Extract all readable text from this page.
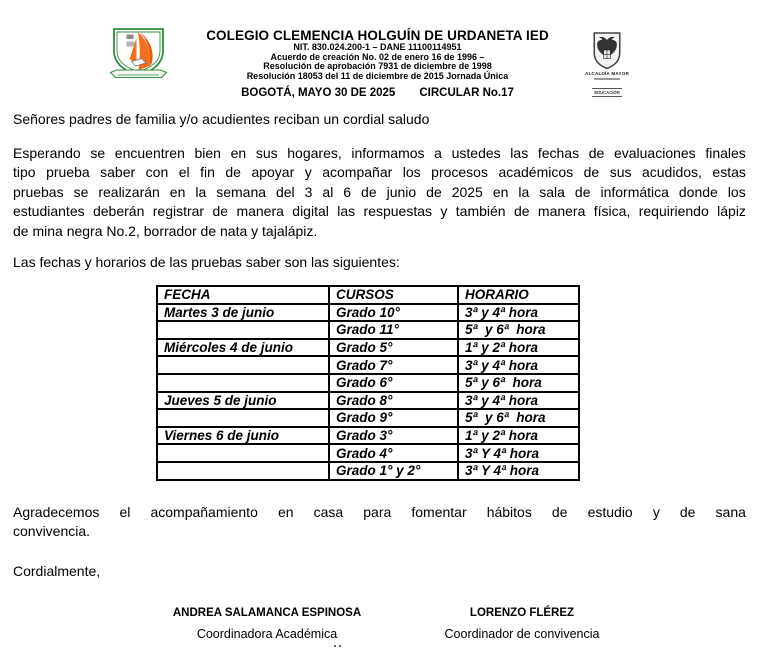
COLEGIO CLEMENCIA HOLGUÍN DE URDANETA IED
NIT. 830.024.200-1 – DANE 11100114951
Acuerdo de creación No. 02 de enero 16 de 1996 –
Resolución de aprobación 7931 de diciembre de 1998
Resolución 18053 del 11 de diciembre de 2015 Jornada Única
BOGOTÁ, MAYO 30 DE 2025 CIRCULAR No.17
ALCALDÍA MAYOR
EDUCACIÓN
Señores padres de familia y/o acudientes reciban un cordial saludo
Esperando se encuentren bien en sus hogares, informamos a ustedes las fechas de evaluaciones finales
tipo prueba saber con el fin de apoyar y acompañar los procesos académicos de sus acudidos, estas
pruebas se realizarán en la semana del 3 al 6 de junio de 2025 en la sala de informática donde los
estudiantes deberán registrar de manera digital las respuestas y también de manera física, requiriendo lápiz
de mina negra No.2, borrador de nata y tajalápiz.
Las fechas y horarios de las pruebas saber son las siguientes:
FECHA	CURSOS	HORARIO
Martes 3 de junio	Grado 10°	3ª y 4ª hora
	Grado 11°	5ª  y 6ª  hora
Miércoles 4 de junio	Grado 5°	1ª y 2ª hora
	Grado 7°	3ª y 4ª hora
	Grado 6°	5ª y 6ª  hora
Jueves 5 de junio	Grado 8°	3ª y 4ª hora
	Grado 9°	5ª  y 6ª  hora
Viernes 6 de junio	Grado 3°	1ª y 2ª hora
	Grado 4°	3ª Y 4ª hora
	Grado 1° y 2°	3ª Y 4ª hora
Agradecemos el acompañamiento en casa para fomentar hábitos de estudio y de sana
convivencia.
Cordialmente,
ANDREA SALAMANCA ESPINOSA
Coordinadora Académica
LORENZO FLÉREZ
Coordinador de convivencia
